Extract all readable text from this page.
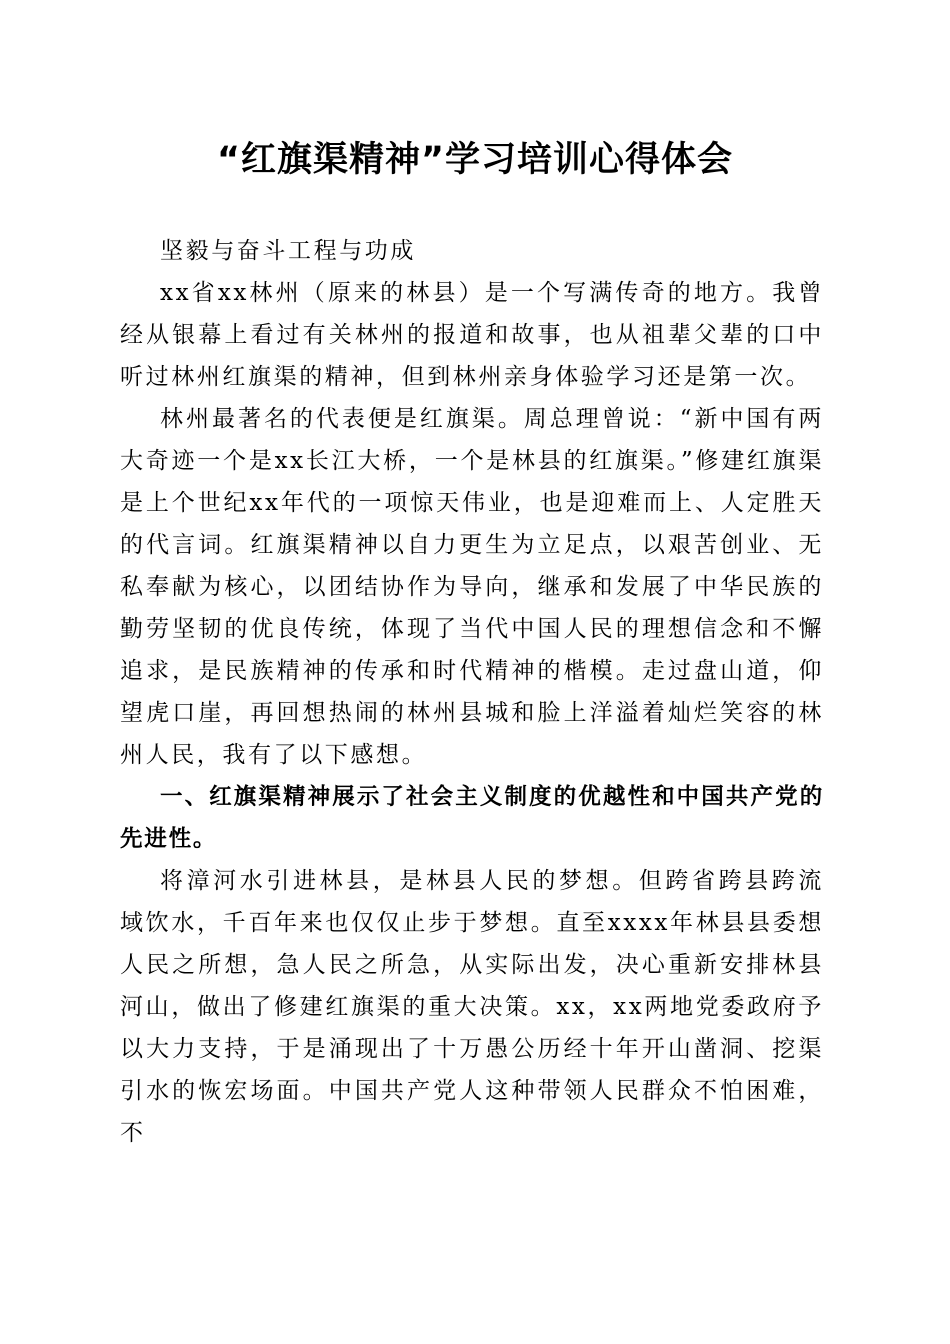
“红旗渠精神”学习培训心得体会

坚毅与奋斗工程与功成

xx省xx林州（原来的林县）是一个写满传奇的地方。我曾经从银幕上看过有关林州的报道和故事，也从祖辈父辈的口中听过林州红旗渠的精神，但到林州亲身体验学习还是第一次。

林州最著名的代表便是红旗渠。周总理曾说：“新中国有两大奇迹一个是xx长江大桥，一个是林县的红旗渠。”修建红旗渠是上个世纪xx年代的一项惊天伟业，也是迎难而上、人定胜天的代言词。红旗渠精神以自力更生为立足点，以艰苦创业、无私奉献为核心，以团结协作为导向，继承和发展了中华民族的勤劳坚韧的优良传统，体现了当代中国人民的理想信念和不懈追求，是民族精神的传承和时代精神的楷模。走过盘山道，仰望虎口崖，再回想热闹的林州县城和脸上洋溢着灿烂笑容的林州人民，我有了以下感想。

一、红旗渠精神展示了社会主义制度的优越性和中国共产党的先进性。

将漳河水引进林县，是林县人民的梦想。但跨省跨县跨流域饮水，千百年来也仅仅止步于梦想。直至xxxx年林县县委想人民之所想，急人民之所急，从实际出发，决心重新安排林县河山，做出了修建红旗渠的重大决策。xx，xx两地党委政府予以大力支持，于是涌现出了十万愚公历经十年开山凿洞、挖渠引水的恢宏场面。中国共产党人这种带领人民群众不怕困难，不
